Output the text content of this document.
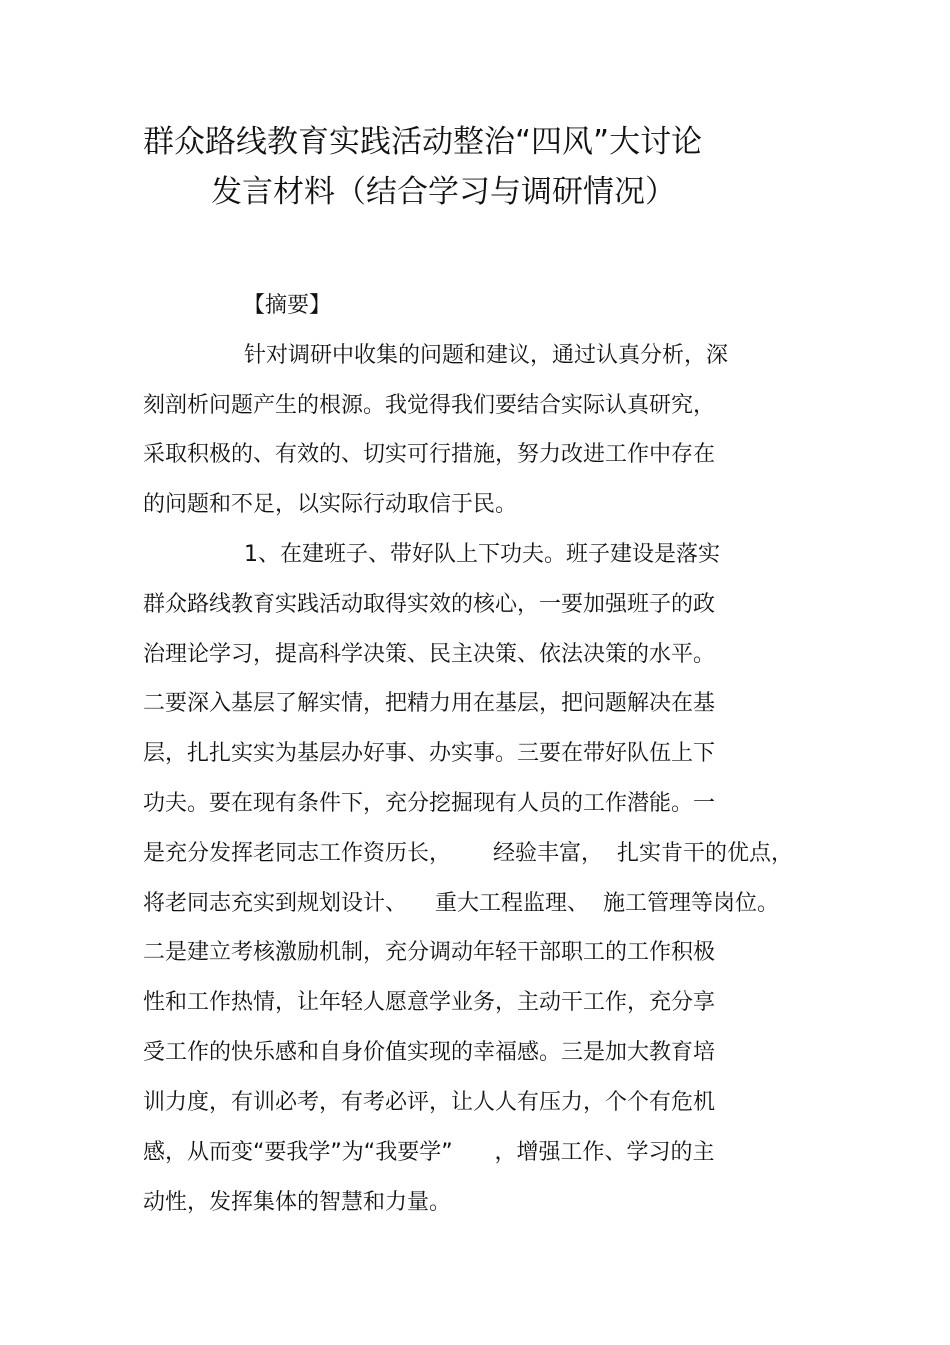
群众路线教育实践活动整治“四风”大讨论
发言材料（结合学习与调研情况）
【摘要】
针对调研中收集的问题和建议，通过认真分析，深
刻剖析问题产生的根源。我觉得我们要结合实际认真研究，
采取积极的、有效的、切实可行措施，努力改进工作中存在
的问题和不足，以实际行动取信于民。
1、在建班子、带好队上下功夫。班子建设是落实
群众路线教育实践活动取得实效的核心，一要加强班子的政
治理论学习，提高科学决策、民主决策、依法决策的水平。
二要深入基层了解实情，把精力用在基层，把问题解决在基
层，扎扎实实为基层办好事、办实事。三要在带好队伍上下
功夫。要在现有条件下，充分挖掘现有人员的工作潜能。一
是充分发挥老同志工作资历长，      经验丰富，  扎实肯干的优点，
将老同志充实到规划设计、    重大工程监理、  施工管理等岗位。
二是建立考核激励机制，充分调动年轻干部职工的工作积极
性和工作热情，让年轻人愿意学业务，主动干工作，充分享
受工作的快乐感和自身价值实现的幸福感。三是加大教育培
训力度，有训必考，有考必评，让人人有压力，个个有危机
感，从而变“要我学”为“我要学”      ，增强工作、学习的主
动性，发挥集体的智慧和力量。
